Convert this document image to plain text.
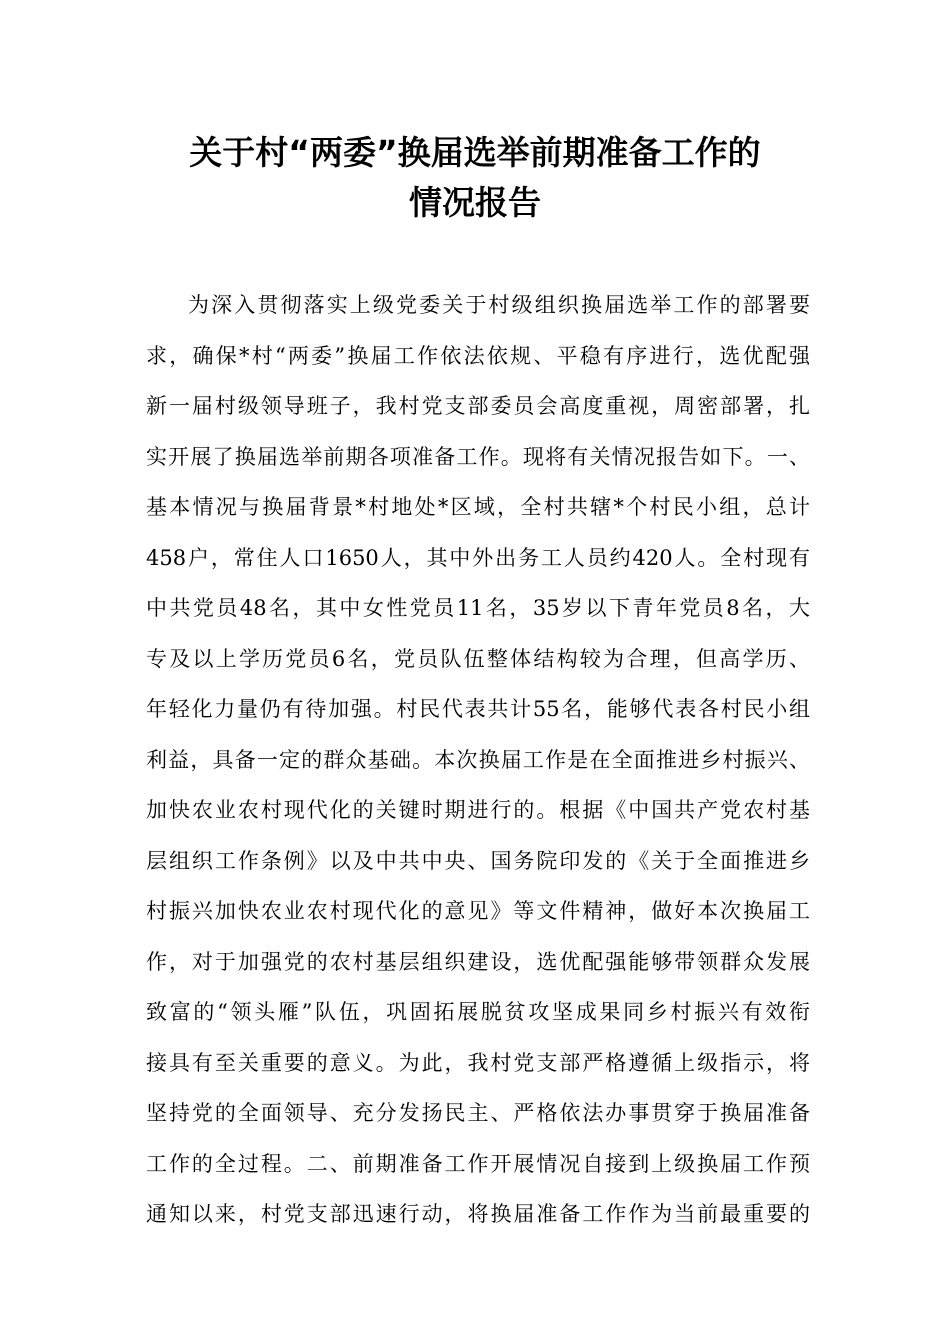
关于村“两委”换届选举前期准备工作的
情况报告
为深入贯彻落实上级党委关于村级组织换届选举工作的部署要
求，确保*村“两委”换届工作依法依规、平稳有序进行，选优配强
新一届村级领导班子，我村党支部委员会高度重视，周密部署，扎
实开展了换届选举前期各项准备工作。现将有关情况报告如下。一、
基本情况与换届背景*村地处*区域，全村共辖*个村民小组，总计
458户，常住人口1650人，其中外出务工人员约420人。全村现有
中共党员48名，其中女性党员11名，35岁以下青年党员8名，大
专及以上学历党员6名，党员队伍整体结构较为合理，但高学历、
年轻化力量仍有待加强。村民代表共计55名，能够代表各村民小组
利益，具备一定的群众基础。本次换届工作是在全面推进乡村振兴、
加快农业农村现代化的关键时期进行的。根据《中国共产党农村基
层组织工作条例》以及中共中央、国务院印发的《关于全面推进乡
村振兴加快农业农村现代化的意见》等文件精神，做好本次换届工
作，对于加强党的农村基层组织建设，选优配强能够带领群众发展
致富的“领头雁”队伍，巩固拓展脱贫攻坚成果同乡村振兴有效衔
接具有至关重要的意义。为此，我村党支部严格遵循上级指示，将
坚持党的全面领导、充分发扬民主、严格依法办事贯穿于换届准备
工作的全过程。二、前期准备工作开展情况自接到上级换届工作预
通知以来，村党支部迅速行动，将换届准备工作作为当前最重要的
